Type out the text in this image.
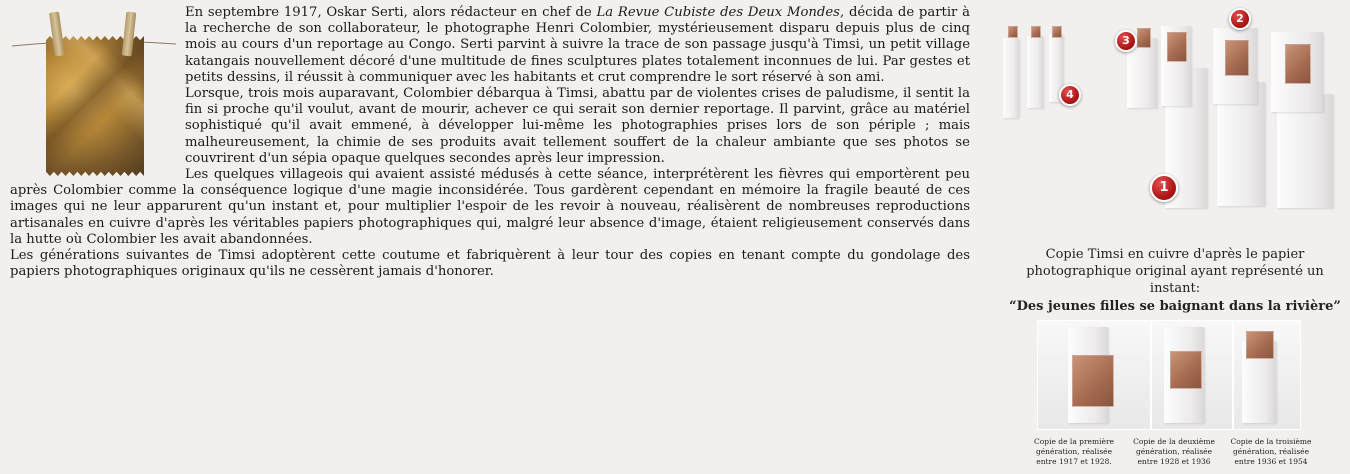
En septembre 1917, Oskar Serti, alors rédacteur en chef de La Revue Cubiste des Deux Mondes, décida de partir à la recherche de son collaborateur, le photographe Henri Colombier, mystérieusement disparu depuis plus de cinq mois au cours d'un reportage au Congo. Serti parvint à suivre la trace de son passage jusqu'à Timsi, un petit village katangais nouvellement décoré d'une multitude de fines sculptures plates totalement inconnues de lui. Par gestes et petits dessins, il réussit à communiquer avec les habitants et crut comprendre le sort réservé à son ami.

Lorsque, trois mois auparavant, Colombier débarqua à Timsi, abattu par de violentes crises de paludisme, il sentit la fin si proche qu'il voulut, avant de mourir, achever ce qui serait son dernier reportage. Il parvint, grâce au matériel sophistiqué qu'il avait emmené, à développer lui-même les photographies prises lors de son périple ; mais malheureusement, la chimie de ses produits avait tellement souffert de la chaleur ambiante que ses photos se couvrirent d'un sépia opaque quelques secondes après leur impression.

Les quelques villageois qui avaient assisté médusés à cette séance, interprétèrent les fièvres qui emportèrent peu après Colombier comme la conséquence logique d'une magie inconsidérée. Tous gardèrent cependant en mémoire la fragile beauté de ces images qui ne leur apparurent qu'un instant et, pour multiplier l'espoir de les revoir à nouveau, réalisèrent de nombreuses reproductions artisanales en cuivre d'après les véritables papiers photographiques qui, malgré leur absence d'image, étaient religieusement conservés dans la hutte où Colombier les avait abandonnées.

Les générations suivantes de Timsi adoptèrent cette coutume et fabriquèrent à leur tour des copies en tenant compte du gondolage des papiers photographiques originaux qu'ils ne cessèrent jamais d'honorer.

1
2
3
4
Copie Timsi en cuivre d'après le papier photographique original ayant représenté un instant:
“Des jeunes filles se baignant dans la rivière”
Copie de la première génération, réalisée entre 1917 et 1928.
Copie de la deuxième génération, réalisée entre 1928 et 1936
Copie de la troisième génération, réalisée entre 1936 et 1954
